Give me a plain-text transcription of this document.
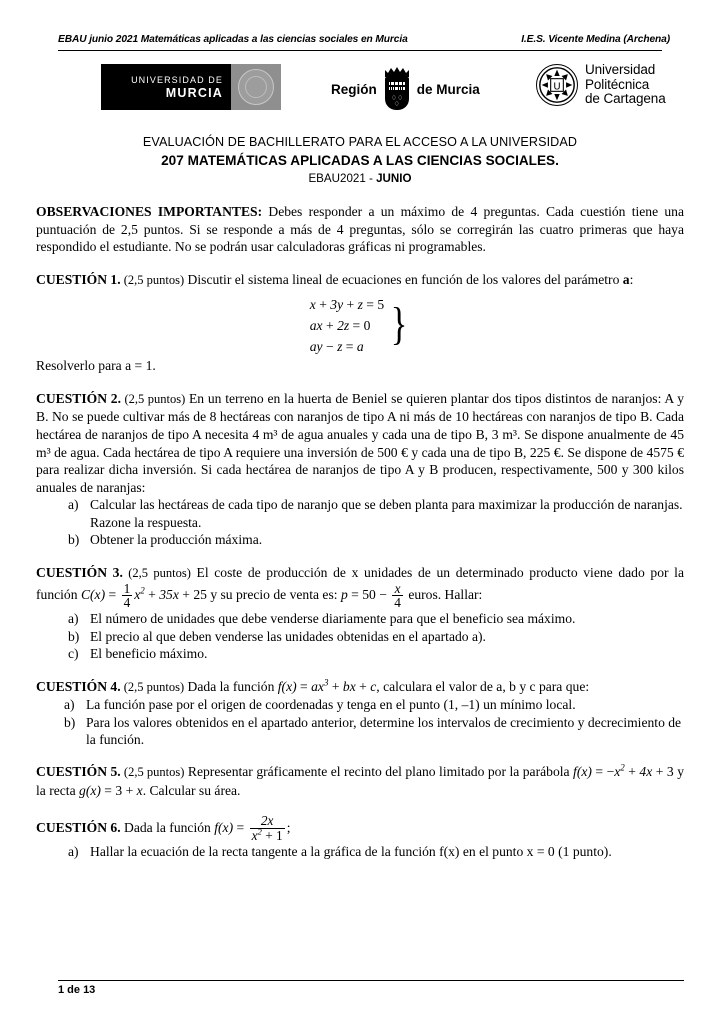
EBAU junio 2021 Matemáticas aplicadas a las ciencias sociales en Murcia	I.E.S. Vicente Medina (Archena)
UNIVERSIDAD DE
MURCIA	Región
♢♢
♢
de Murcia	U
Universidad
Politécnica
de Cartagena
EVALUACIÓN DE BACHILLERATO PARA EL ACCESO A LA UNIVERSIDAD
207 MATEMÁTICAS APLICADAS A LAS CIENCIAS SOCIALES.
EBAU2021 - JUNIO

OBSERVACIONES IMPORTANTES: Debes responder a un máximo de 4 preguntas. Cada cuestión tiene una puntuación de 2,5 puntos. Si se responde a más de 4 preguntas, sólo se corregirán las cuatro primeras que haya respondido el estudiante. No se podrán usar calculadoras gráficas ni programables.

CUESTIÓN 1. (2,5 puntos) Discutir el sistema lineal de ecuaciones en función de los valores del parámetro a:

x + 3y + z = 5
ax + 2z = 0
ay − z = a }

Resolverlo para a = 1.

CUESTIÓN 2. (2,5 puntos) En un terreno en la huerta de Beniel se quieren plantar dos tipos distintos de naranjos: A y B. No se puede cultivar más de 8 hectáreas con naranjos de tipo A ni más de 10 hectáreas con naranjos de tipo B. Cada hectárea de naranjos de tipo A necesita 4 m³ de agua anuales y cada una de tipo B, 3 m³. Se dispone anualmente de 45 m³ de agua. Cada hectárea de tipo A requiere una inversión de 500 € y cada una de tipo B, 225 €. Se dispone de 4575 € para realizar dicha inversión. Si cada hectárea de naranjos de tipo A y B producen, respectivamente, 500 y 300 kilos anuales de naranjas:

a) Calcular las hectáreas de cada tipo de naranjo que se deben planta para maximizar la producción de naranjas. Razone la respuesta.
b) Obtener la producción máxima.

CUESTIÓN 3. (2,5 puntos) El coste de producción de x unidades de un determinado producto viene dado por la función $C(x) = \frac{1}{4} x^2 + 35x + 25$ y su precio de venta es: $p = 50 - \frac{x}{4}$ euros. Hallar:

a) El número de unidades que debe venderse diariamente para que el beneficio sea máximo.
b) El precio al que deben venderse las unidades obtenidas en el apartado a).
c) El beneficio máximo.

CUESTIÓN 4. (2,5 puntos) Dada la función $f(x) = ax^3$ + bx + c, calculara el valor de a, b y c para que:

a) La función pase por el origen de coordenadas y tenga en el punto (1, –1) un mínimo local.
b) Para los valores obtenidos en el apartado anterior, determine los intervalos de crecimiento y decrecimiento de la función.

CUESTIÓN 5. (2,5 puntos) Representar gráficamente el recinto del plano limitado por la parábola $f(x) = -x^2 + 4x + 3$ y la recta g(x) = 3 + x. Calcular su área.

CUESTIÓN 6. Dada la función $f(x) = \frac{2x}{x^2 + 1}$ ;

a) Hallar la ecuación de la recta tangente a la gráfica de la función f(x) en el punto x = 0 (1 punto).
1 de 13
